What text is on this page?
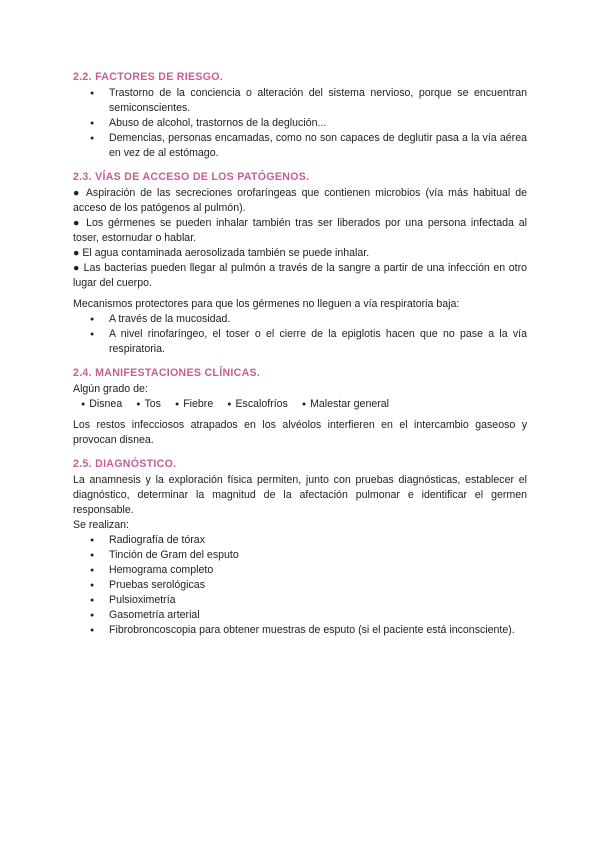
2.2. FACTORES DE RIESGO.
● Trastorno de la conciencia o alteración del sistema nervioso, porque se encuentran semiconscientes.
● Abuso de alcohol, trastornos de la deglución...
● Demencias, personas encamadas, como no son capaces de deglutir pasa a la vía aérea en vez de al estómago.
2.3. VÍAS DE ACCESO DE LOS PATÓGENOS.

● Aspiración de las secreciones orofaríngeas que contienen microbios (vía más habitual de acceso de los patógenos al pulmón).

● Los gérmenes se pueden inhalar también tras ser liberados por una persona infectada al toser, estornudar o hablar.

● El agua contaminada aerosolizada también se puede inhalar.

● Las bacterias pueden llegar al pulmón a través de la sangre a partir de una infección en otro lugar del cuerpo.

Mecanismos protectores para que los gérmenes no lleguen a vía respiratoria baja:

● A través de la mucosidad.
● A nivel rinofaríngeo, el toser o el cierre de la epiglotis hacen que no pase a la vía respiratoria.
2.4. MANIFESTACIONES CLÍNICAS.

Algún grado de:

● Disnea	● Tos	● Fiebre	● Escalofríos	● Malestar general

Los restos infecciosos atrapados en los alvéolos interfieren en el intercambio gaseoso y provocan disnea.

2.5. DIAGNÓSTICO.

La anamnesis y la exploración física permiten, junto con pruebas diagnósticas, establecer el diagnóstico, determinar la magnitud de la afectación pulmonar e identificar el germen responsable.

Se realizan:

● Radiografía de tórax
● Tinción de Gram del esputo
● Hemograma completo
● Pruebas serológicas
● Pulsioximetría
● Gasometría arterial
● Fibrobroncoscopia para obtener muestras de esputo (si el paciente está inconsciente).
